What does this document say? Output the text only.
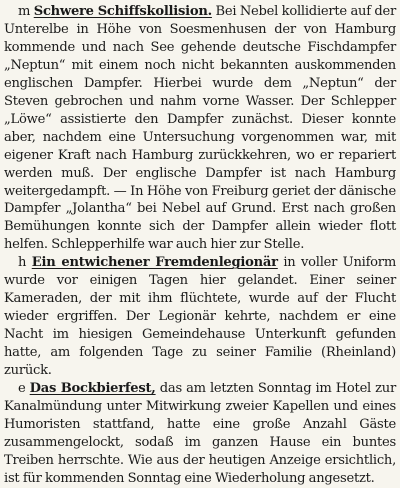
m Schwere Schiffskollision. Bei Nebel kollidierte auf der Unterelbe in Höhe von Soesmenhusen der von Hamburg kommende und nach See gehende deutsche Fischdampfer „Neptun“ mit einem noch nicht bekannten auskommenden englischen Dampfer. Hierbei wurde dem „Neptun“ der Steven gebrochen und nahm vorne Wasser. Der Schlepper „Löwe“ assistierte den Dampfer zunächst. Dieser konnte aber, nachdem eine Untersuchung vorgenommen war, mit eigener Kraft nach Hamburg zurückkehren, wo er repariert werden muß. Der englische Dampfer ist nach Hamburg weitergedampft. — In Höhe von Freiburg geriet der dänische Dampfer „Jolantha“ bei Nebel auf Grund. Erst nach großen Bemühungen konnte sich der Dampfer allein wieder flott helfen. Schlepperhilfe war auch hier zur Stelle.

h Ein entwichener Fremdenlegionär in voller Uniform wurde vor einigen Tagen hier gelandet. Einer seiner Kameraden, der mit ihm flüchtete, wurde auf der Flucht wieder ergriffen. Der Legionär kehrte, nachdem er eine Nacht im hiesigen Gemeindehause Unterkunft gefunden hatte, am folgenden Tage zu seiner Familie (Rheinland) zurück.

e Das Bockbierfest, das am letzten Sonntag im Hotel zur Kanalmündung unter Mitwirkung zweier Kapellen und eines Humoristen stattfand, hatte eine große Anzahl Gäste zusammengelockt, sodaß im ganzen Hause ein buntes Treiben herrschte. Wie aus der heutigen Anzeige ersichtlich, ist für kommenden Sonntag eine Wiederholung angesetzt.
